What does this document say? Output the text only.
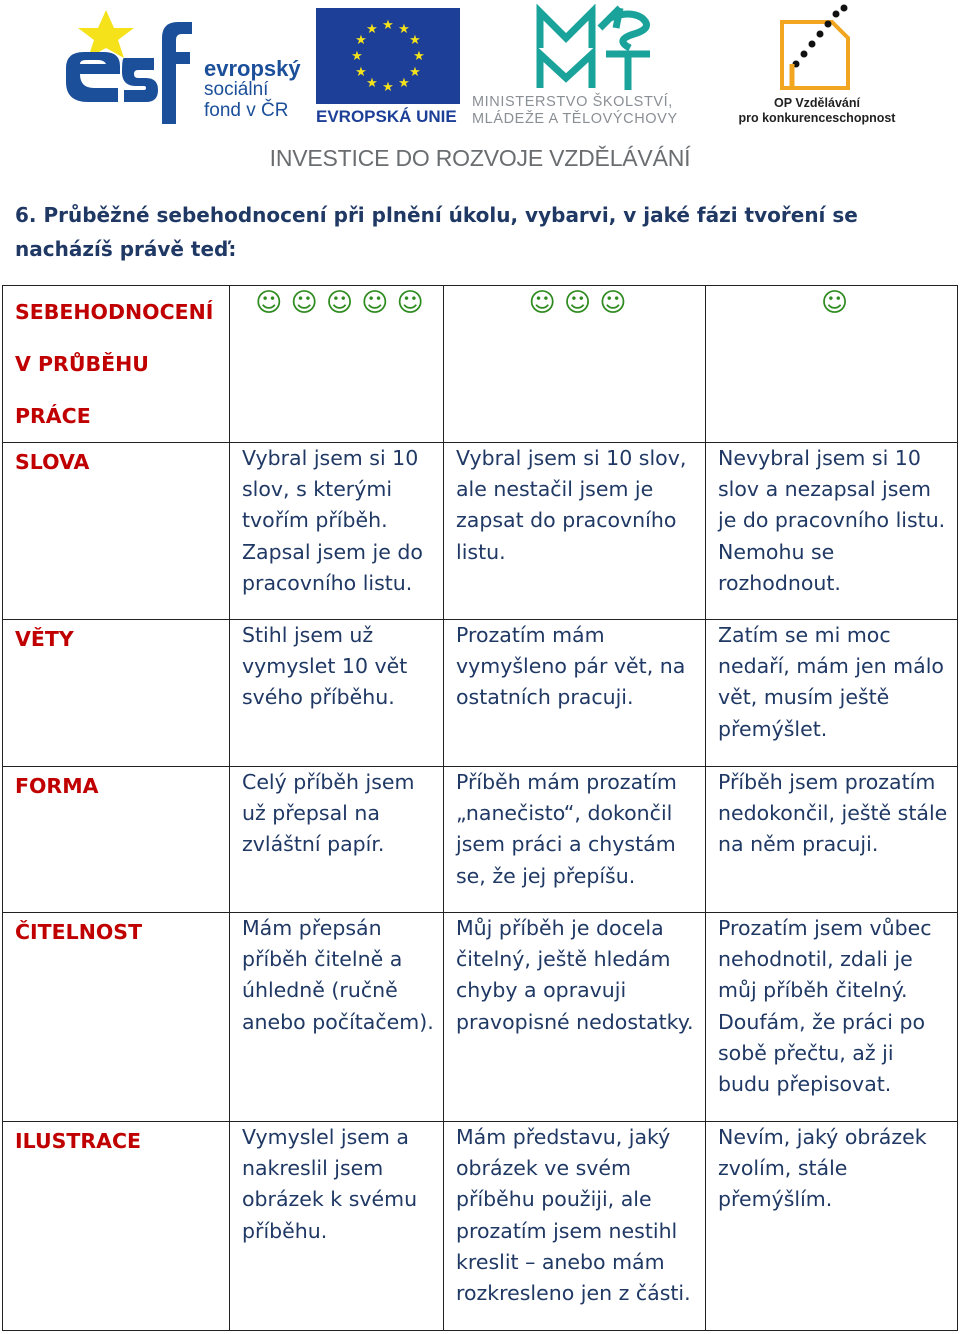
evropský
sociální
fond v ČR
★ ★
★
★
★
★
★
★
★
★
★
★
EVROPSKÁ UNIE
MINISTERSTVO ŠKOLSTVÍ,
MLÁDEŽE A TĚLOVÝCHOVY
OP Vzdělávání
pro konkurenceschopnost
INVESTICE DO ROZVOJE VZDĚLÁVÁNÍ
6. Průběžné sebehodnocení při plnění úkolu, vybarvi, v jaké fázi tvoření se nacházíš právě teď:
SEBEHODNOCENÍ V PRŮBĚHU PRÁCE	☺ ☺ ☺ ☺ ☺	☺ ☺ ☺	☺
SLOVA	Vybral jsem si 10 slov, s kterými tvořím příběh. Zapsal jsem je do pracovního listu.	Vybral jsem si 10 slov, ale nestačil jsem je zapsat do pracovního listu.	Nevybral jsem si 10 slov a nezapsal jsem je do pracovního listu. Nemohu se rozhodnout.
VĚTY	Stihl jsem už vymyslet 10 vět svého příběhu.	Prozatím mám vymyšleno pár vět, na ostatních pracuji.	Zatím se mi moc nedaří, mám jen málo vět, musím ještě přemýšlet.
FORMA	Celý příběh jsem už přepsal na zvláštní papír.	Příběh mám prozatím „nanečisto“, dokončil jsem práci a chystám se, že jej přepíšu.	Příběh jsem prozatím nedokončil, ještě stále na něm pracuji.
ČITELNOST	Mám přepsán příběh čitelně a úhledně (ručně anebo počítačem).	Můj příběh je docela čitelný, ještě hledám chyby a opravuji pravopisné nedostatky.	Prozatím jsem vůbec nehodnotil, zdali je můj příběh čitelný. Doufám, že práci po sobě přečtu, až ji budu přepisovat.
ILUSTRACE	Vymyslel jsem a nakreslil jsem obrázek k svému příběhu.	Mám představu, jaký obrázek ve svém příběhu použiji, ale prozatím jsem nestihl kreslit – anebo mám rozkresleno jen z části.	Nevím, jaký obrázek zvolím, stále přemýšlím.
